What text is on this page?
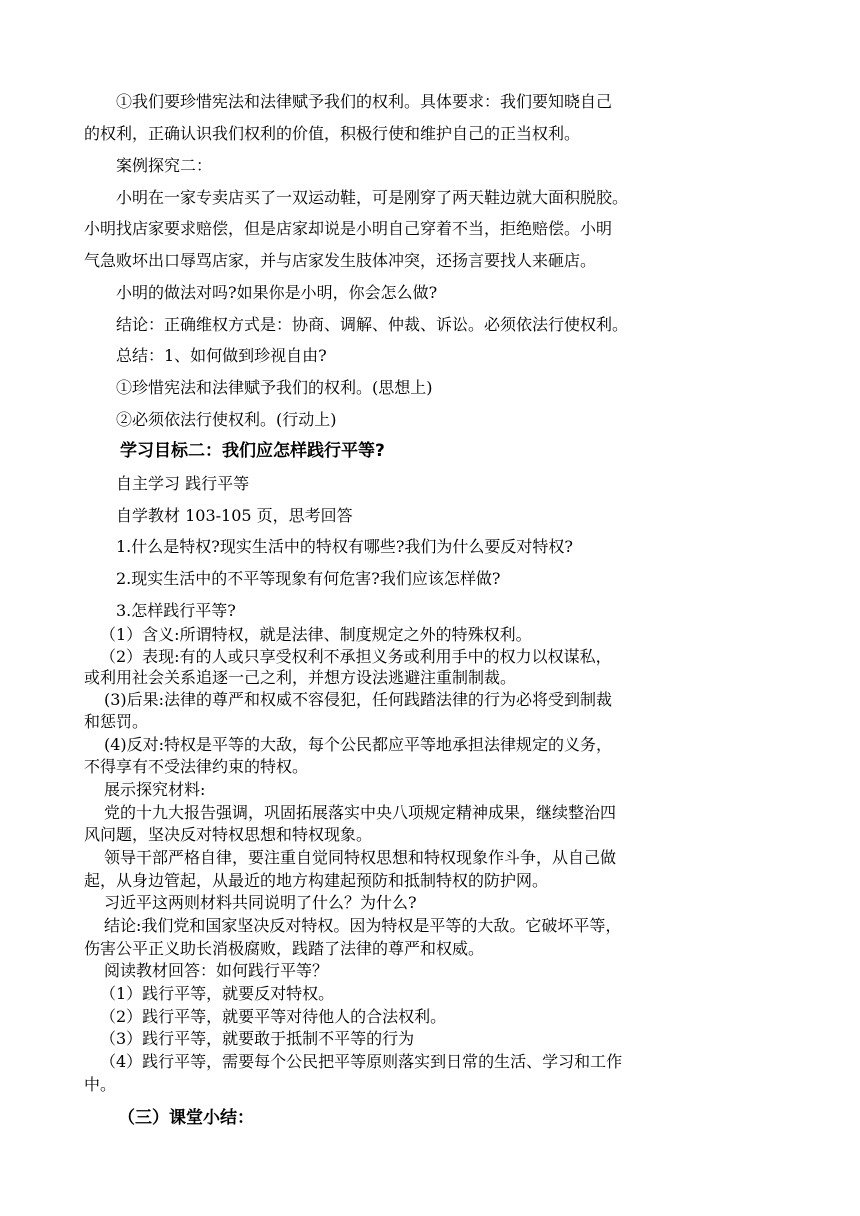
①我们要珍惜宪法和法律赋予我们的权利。具体要求：我们要知晓自己
的权利，正确认识我们权利的价值，积极行使和维护自己的正当权利。
案例探究二：
小明在一家专卖店买了一双运动鞋，可是刚穿了两天鞋边就大面积脱胶。
小明找店家要求赔偿，但是店家却说是小明自己穿着不当，拒绝赔偿。小明
气急败坏出口辱骂店家，并与店家发生肢体冲突，还扬言要找人来砸店。
小明的做法对吗?如果你是小明，你会怎么做?
结论：正确维权方式是：协商、调解、仲裁、诉讼。必须依法行使权利。
总结：1、如何做到珍视自由?
①珍惜宪法和法律赋予我们的权利。(思想上)
②必须依法行使权利。(行动上)
学习目标二：我们应怎样践行平等?
自主学习 践行平等
自学教材 103-105 页，思考回答
1.什么是特权?现实生活中的特权有哪些?我们为什么要反对特权?
2.现实生活中的不平等现象有何危害?我们应该怎样做?
3.怎样践行平等?
（1）含义:所谓特权，就是法律、制度规定之外的特殊权利。
（2）表现:有的人或只享受权利不承担义务或利用手中的权力以权谋私，
或利用社会关系追逐一己之利，并想方设法逃避注重制制裁。
(3)后果:法律的尊严和权威不容侵犯，任何践踏法律的行为必将受到制裁
和惩罚。
(4)反对:特权是平等的大敌，每个公民都应平等地承担法律规定的义务，
不得享有不受法律约束的特权。
展示探究材料:
党的十九大报告强调，巩固拓展落实中央八项规定精神成果，继续整治四
风问题，坚决反对特权思想和特权现象。
领导干部严格自律，要注重自觉同特权思想和特权现象作斗争，从自己做
起，从身边管起，从最近的地方构建起预防和抵制特权的防护网。
习近平这两则材料共同说明了什么？为什么?
结论:我们党和国家坚决反对特权。因为特权是平等的大敌。它破坏平等，
伤害公平正义助长消极腐败，践踏了法律的尊严和权威。
阅读教材回答：如何践行平等？
（1）践行平等，就要反对特权。
（2）践行平等，就要平等对待他人的合法权利。
（3）践行平等，就要敢于抵制不平等的行为
（4）践行平等，需要每个公民把平等原则落实到日常的生活、学习和工作
中。
（三）课堂小结：
